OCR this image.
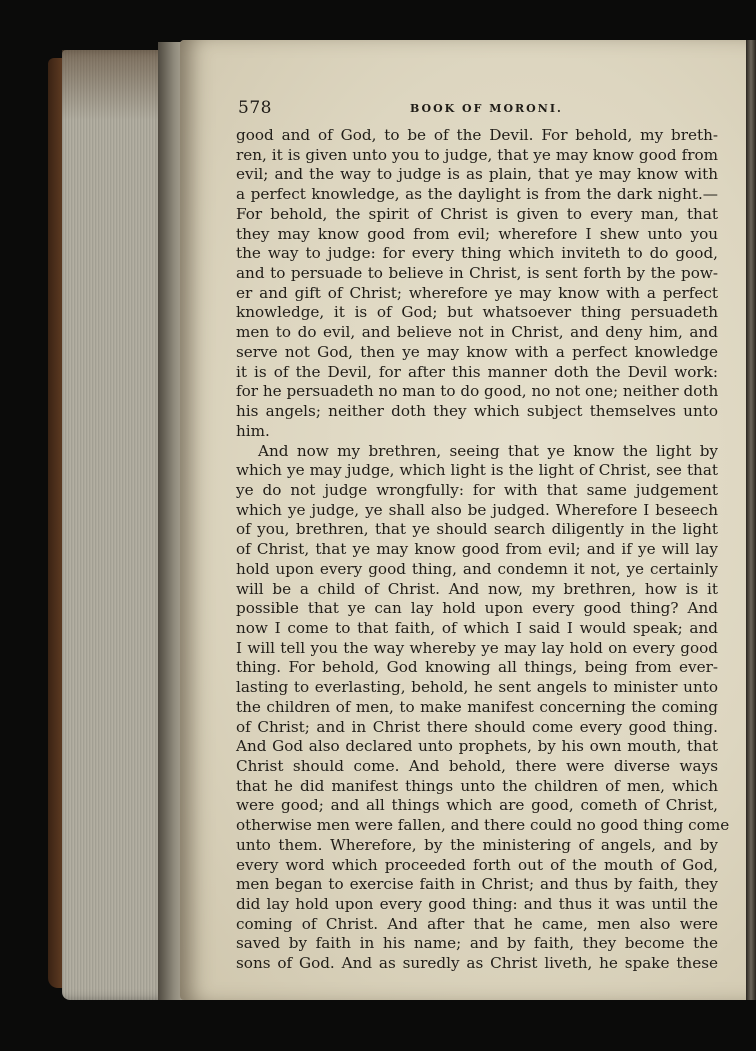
578	BOOK OF MORONI.
good and of God, to be of the Devil. For behold, my breth-
ren, it is given unto you to judge, that ye may know good from
evil; and the way to judge is as plain, that ye may know with
a perfect knowledge, as the daylight is from the dark night.—
For behold, the spirit of Christ is given to every man, that
they may know good from evil; wherefore I shew unto you
the way to judge: for every thing which inviteth to do good,
and to persuade to believe in Christ, is sent forth by the pow-
er and gift of Christ; wherefore ye may know with a perfect
knowledge, it is of God; but whatsoever thing persuadeth
men to do evil, and believe not in Christ, and deny him, and
serve not God, then ye may know with a perfect knowledge
it is of the Devil, for after this manner doth the Devil work:
for he persuadeth no man to do good, no not one; neither doth
his angels; neither doth they which subject themselves unto
him.
And now my brethren, seeing that ye know the light by
which ye may judge, which light is the light of Christ, see that
ye do not judge wrongfully: for with that same judgement
which ye judge, ye shall also be judged. Wherefore I beseech
of you, brethren, that ye should search diligently in the light
of Christ, that ye may know good from evil; and if ye will lay
hold upon every good thing, and condemn it not, ye certainly
will be a child of Christ. And now, my brethren, how is it
possible that ye can lay hold upon every good thing? And
now I come to that faith, of which I said I would speak; and
I will tell you the way whereby ye may lay hold on every good
thing. For behold, God knowing all things, being from ever-
lasting to everlasting, behold, he sent angels to minister unto
the children of men, to make manifest concerning the coming
of Christ; and in Christ there should come every good thing.
And God also declared unto prophets, by his own mouth, that
Christ should come. And behold, there were diverse ways
that he did manifest things unto the children of men, which
were good; and all things which are good, cometh of Christ,
otherwise men were fallen, and there could no good thing come
unto them. Wherefore, by the ministering of angels, and by
every word which proceeded forth out of the mouth of God,
men began to exercise faith in Christ; and thus by faith, they
did lay hold upon every good thing: and thus it was until the
coming of Christ. And after that he came, men also were
saved by faith in his name; and by faith, they become the
sons of God. And as suredly as Christ liveth, he spake these
